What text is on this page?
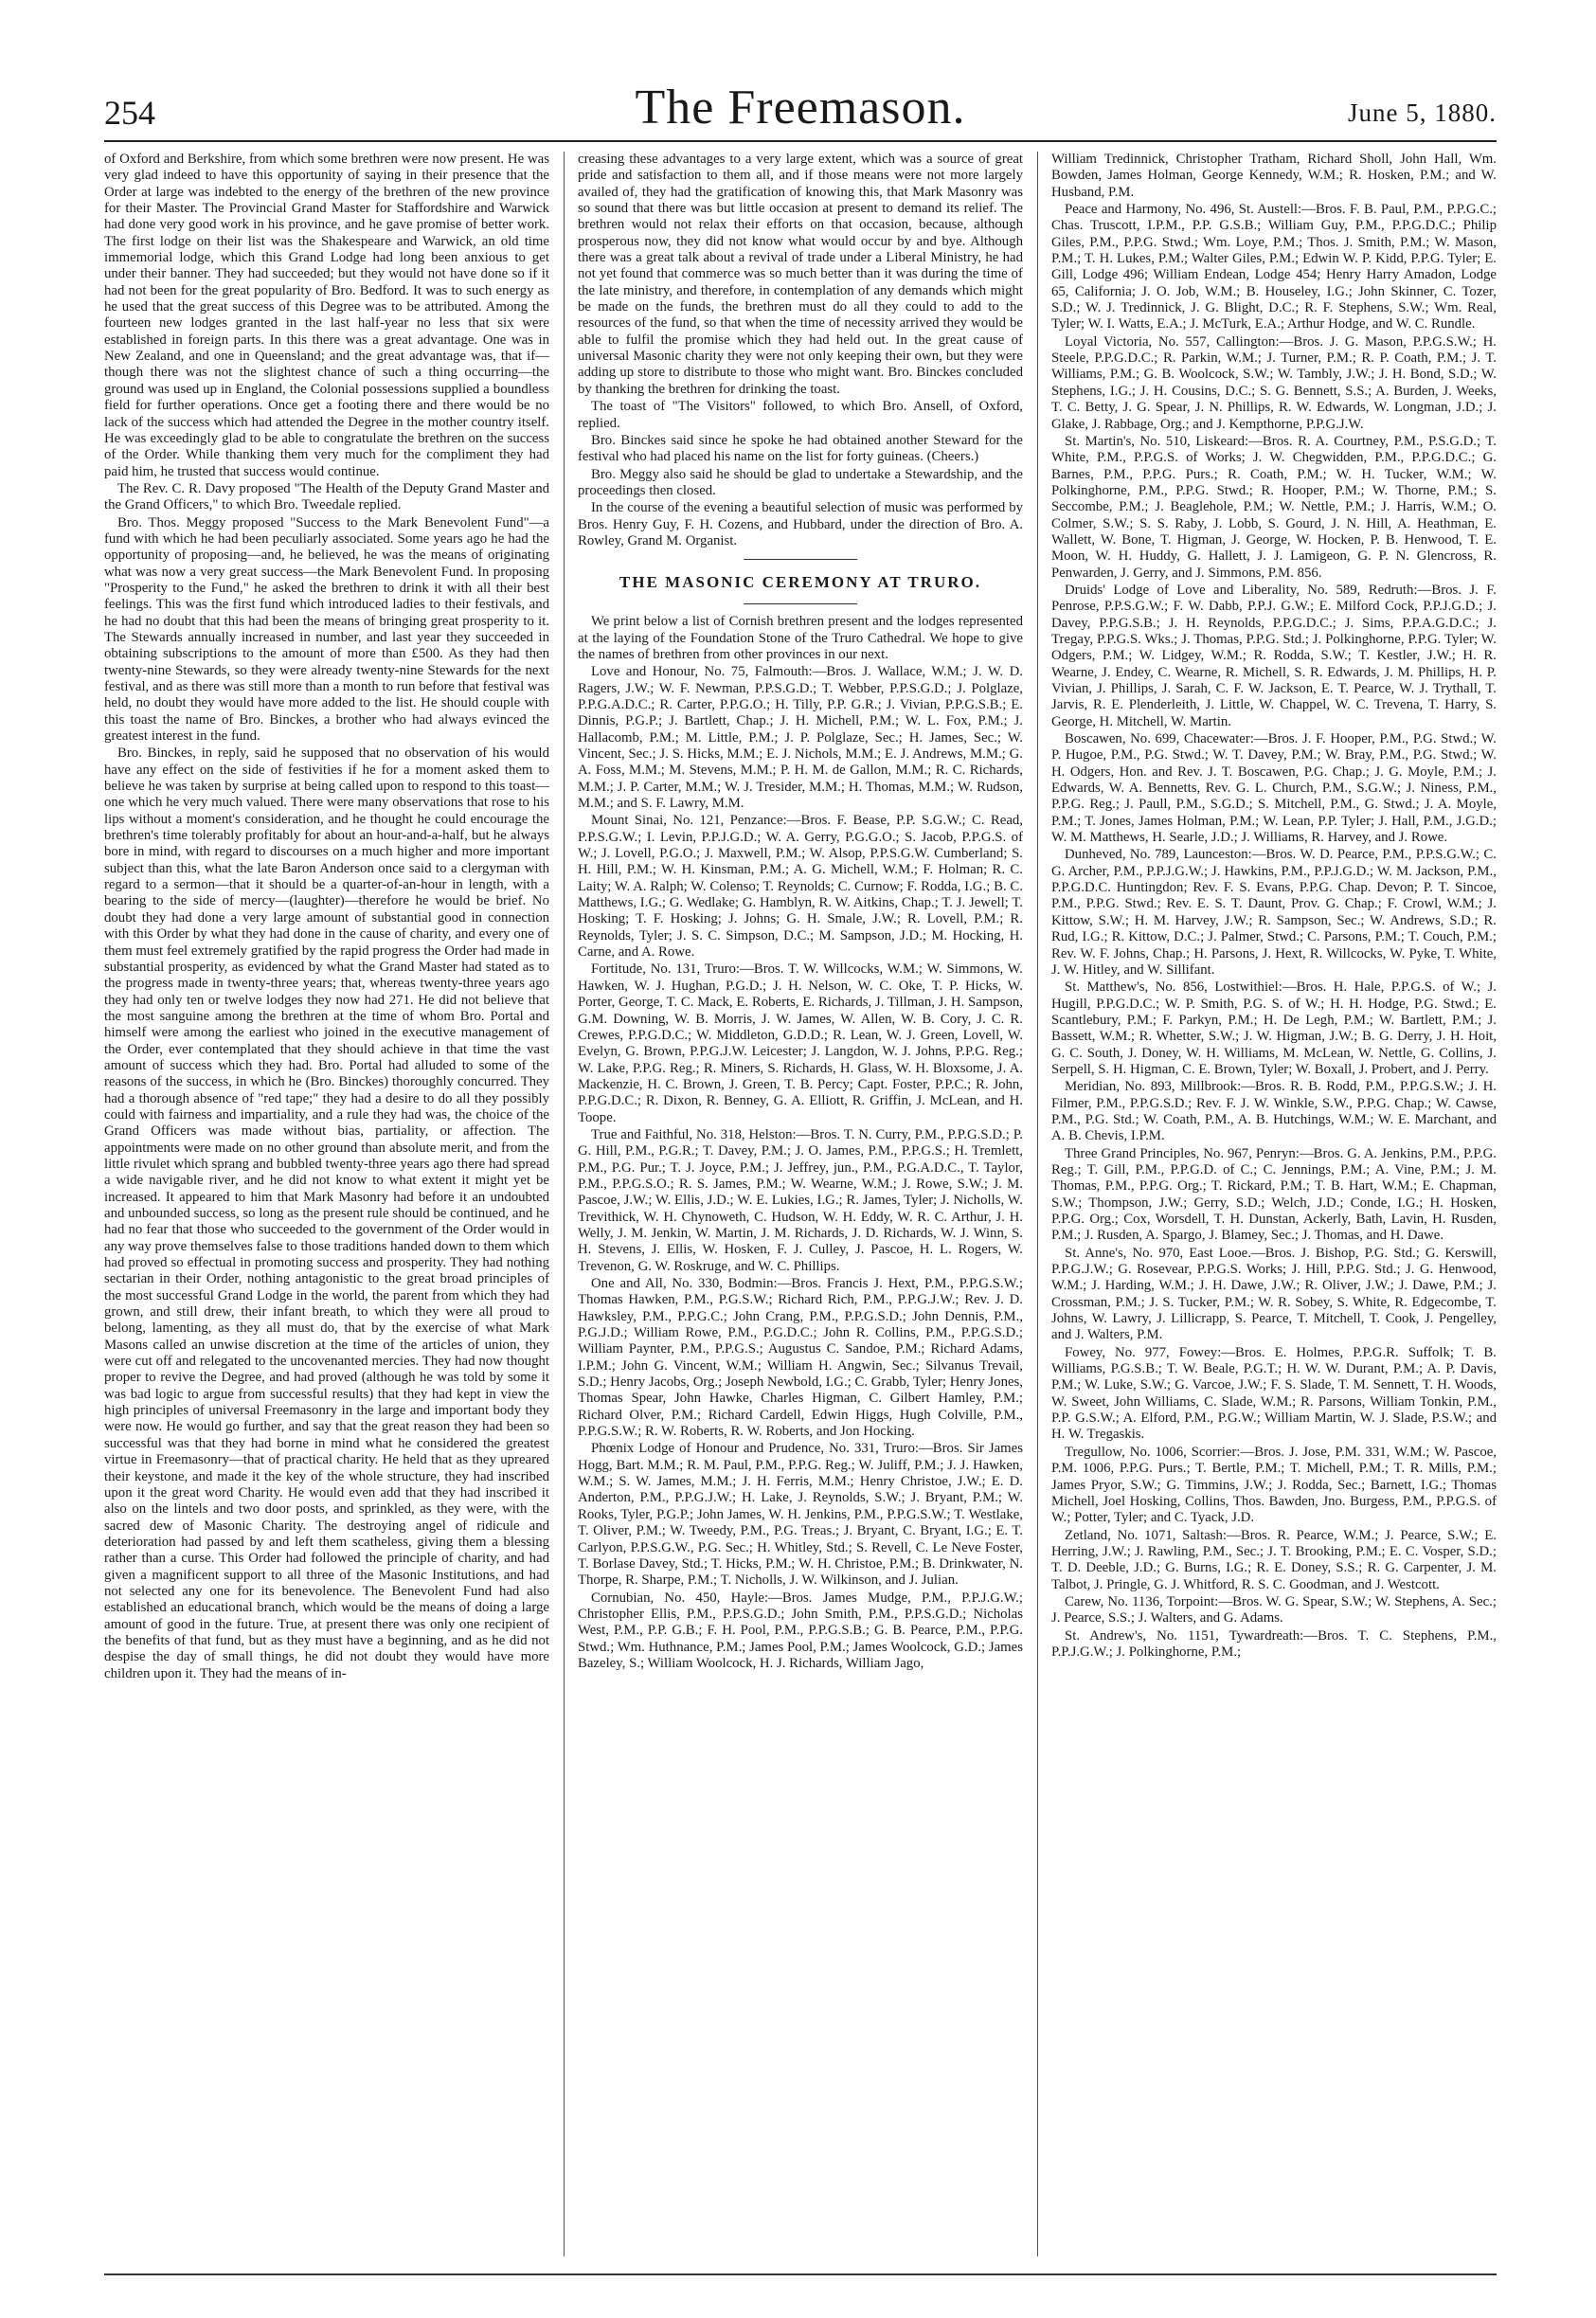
254	The Freemason.	June 5, 1880.

of Oxford and Berkshire, from which some brethren were now present. He was very glad indeed to have this opportunity of saying in their presence that the Order at large was indebted to the energy of the brethren of the new province for their Master. The Provincial Grand Master for Staffordshire and Warwick had done very good work in his province, and he gave promise of better work. The first lodge on their list was the Shakespeare and Warwick, an old time immemorial lodge, which this Grand Lodge had long been anxious to get under their banner. They had succeeded; but they would not have done so if it had not been for the great popularity of Bro. Bedford. It was to such energy as he used that the great success of this Degree was to be attributed. Among the fourteen new lodges granted in the last half-year no less that six were established in foreign parts. In this there was a great advantage. One was in New Zealand, and one in Queensland; and the great advantage was, that if—though there was not the slightest chance of such a thing occurring—the ground was used up in England, the Colonial possessions supplied a boundless field for further operations. Once get a footing there and there would be no lack of the success which had attended the Degree in the mother country itself. He was exceedingly glad to be able to congratulate the brethren on the success of the Order. While thanking them very much for the compliment they had paid him, he trusted that success would continue.

The Rev. C. R. Davy proposed "The Health of the Deputy Grand Master and the Grand Officers," to which Bro. Tweedale replied.

Bro. Thos. Meggy proposed "Success to the Mark Benevolent Fund"—a fund with which he had been peculiarly associated. Some years ago he had the opportunity of proposing—and, he believed, he was the means of originating what was now a very great success—the Mark Benevolent Fund. In proposing "Prosperity to the Fund," he asked the brethren to drink it with all their best feelings. This was the first fund which introduced ladies to their festivals, and he had no doubt that this had been the means of bringing great prosperity to it. The Stewards annually increased in number, and last year they succeeded in obtaining subscriptions to the amount of more than £500. As they had then twenty-nine Stewards, so they were already twenty-nine Stewards for the next festival, and as there was still more than a month to run before that festival was held, no doubt they would have more added to the list. He should couple with this toast the name of Bro. Binckes, a brother who had always evinced the greatest interest in the fund.

Bro. Binckes, in reply, said he supposed that no observation of his would have any effect on the side of festivities if he for a moment asked them to believe he was taken by surprise at being called upon to respond to this toast—one which he very much valued. There were many observations that rose to his lips without a moment's consideration, and he thought he could encourage the brethren's time tolerably profitably for about an hour-and-a-half, but he always bore in mind, with regard to discourses on a much higher and more important subject than this, what the late Baron Anderson once said to a clergyman with regard to a sermon—that it should be a quarter-of-an-hour in length, with a bearing to the side of mercy—(laughter)—therefore he would be brief. No doubt they had done a very large amount of substantial good in connection with this Order by what they had done in the cause of charity, and every one of them must feel extremely gratified by the rapid progress the Order had made in substantial prosperity, as evidenced by what the Grand Master had stated as to the progress made in twenty-three years; that, whereas twenty-three years ago they had only ten or twelve lodges they now had 271. He did not believe that the most sanguine among the brethren at the time of whom Bro. Portal and himself were among the earliest who joined in the executive management of the Order, ever contemplated that they should achieve in that time the vast amount of success which they had. Bro. Portal had alluded to some of the reasons of the success, in which he (Bro. Binckes) thoroughly concurred. They had a thorough absence of "red tape;" they had a desire to do all they possibly could with fairness and impartiality, and a rule they had was, the choice of the Grand Officers was made without bias, partiality, or affection. The appointments were made on no other ground than absolute merit, and from the little rivulet which sprang and bubbled twenty-three years ago there had spread a wide navigable river, and he did not know to what extent it might yet be increased. It appeared to him that Mark Masonry had before it an undoubted and unbounded success, so long as the present rule should be continued, and he had no fear that those who succeeded to the government of the Order would in any way prove themselves false to those traditions handed down to them which had proved so effectual in promoting success and prosperity. They had nothing sectarian in their Order, nothing antagonistic to the great broad principles of the most successful Grand Lodge in the world, the parent from which they had grown, and still drew, their infant breath, to which they were all proud to belong, lamenting, as they all must do, that by the exercise of what Mark Masons called an unwise discretion at the time of the articles of union, they were cut off and relegated to the uncovenanted mercies. They had now thought proper to revive the Degree, and had proved (although he was told by some it was bad logic to argue from successful results) that they had kept in view the high principles of universal Freemasonry in the large and important body they were now. He would go further, and say that the great reason they had been so successful was that they had borne in mind what he considered the greatest virtue in Freemasonry—that of practical charity. He held that as they upreared their keystone, and made it the key of the whole structure, they had inscribed upon it the great word Charity. He would even add that they had inscribed it also on the lintels and two door posts, and sprinkled, as they were, with the sacred dew of Masonic Charity. The destroying angel of ridicule and deterioration had passed by and left them scatheless, giving them a blessing rather than a curse. This Order had followed the principle of charity, and had given a magnificent support to all three of the Masonic Institutions, and had not selected any one for its benevolence. The Benevolent Fund had also established an educational branch, which would be the means of doing a large amount of good in the future. True, at present there was only one recipient of the benefits of that fund, but as they must have a beginning, and as he did not despise the day of small things, he did not doubt they would have more children upon it. They had the means of in-

creasing these advantages to a very large extent, which was a source of great pride and satisfaction to them all, and if those means were not more largely availed of, they had the gratification of knowing this, that Mark Masonry was so sound that there was but little occasion at present to demand its relief. The brethren would not relax their efforts on that occasion, because, although prosperous now, they did not know what would occur by and bye. Although there was a great talk about a revival of trade under a Liberal Ministry, he had not yet found that commerce was so much better than it was during the time of the late ministry, and therefore, in contemplation of any demands which might be made on the funds, the brethren must do all they could to add to the resources of the fund, so that when the time of necessity arrived they would be able to fulfil the promise which they had held out. In the great cause of universal Masonic charity they were not only keeping their own, but they were adding up store to distribute to those who might want. Bro. Binckes concluded by thanking the brethren for drinking the toast.

The toast of "The Visitors" followed, to which Bro. Ansell, of Oxford, replied.

Bro. Binckes said since he spoke he had obtained another Steward for the festival who had placed his name on the list for forty guineas. (Cheers.)

Bro. Meggy also said he should be glad to undertake a Stewardship, and the proceedings then closed.

In the course of the evening a beautiful selection of music was performed by Bros. Henry Guy, F. H. Cozens, and Hubbard, under the direction of Bro. A. Rowley, Grand M. Organist.

THE MASONIC CEREMONY AT TRURO.

We print below a list of Cornish brethren present and the lodges represented at the laying of the Foundation Stone of the Truro Cathedral. We hope to give the names of brethren from other provinces in our next.

Love and Honour, No. 75, Falmouth:—Bros. J. Wallace, W.M.; J. W. D. Ragers, J.W.; W. F. Newman, P.P.S.G.D.; T. Webber, P.P.S.G.D.; J. Polglaze, P.P.G.A.D.C.; R. Carter, P.P.G.O.; H. Tilly, P.P. G.R.; J. Vivian, P.P.G.S.B.; E. Dinnis, P.G.P.; J. Bartlett, Chap.; J. H. Michell, P.M.; W. L. Fox, P.M.; J. Hallacomb, P.M.; M. Little, P.M.; J. P. Polglaze, Sec.; H. James, Sec.; W. Vincent, Sec.; J. S. Hicks, M.M.; E. J. Nichols, M.M.; E. J. Andrews, M.M.; G. A. Foss, M.M.; M. Stevens, M.M.; P. H. M. de Gallon, M.M.; R. C. Richards, M.M.; J. P. Carter, M.M.; W. J. Tresider, M.M.; H. Thomas, M.M.; W. Rudson, M.M.; and S. F. Lawry, M.M.

Mount Sinai, No. 121, Penzance:—Bros. F. Bease, P.P. S.G.W.; C. Read, P.P.S.G.W.; I. Levin, P.P.J.G.D.; W. A. Gerry, P.G.G.O.; S. Jacob, P.P.G.S. of W.; J. Lovell, P.G.O.; J. Maxwell, P.M.; W. Alsop, P.P.S.G.W. Cumberland; S. H. Hill, P.M.; W. H. Kinsman, P.M.; A. G. Michell, W.M.; F. Holman; R. C. Laity; W. A. Ralph; W. Colenso; T. Reynolds; C. Curnow; F. Rodda, I.G.; B. C. Matthews, I.G.; G. Wedlake; G. Hamblyn, R. W. Aitkins, Chap.; T. J. Jewell; T. Hosking; T. F. Hosking; J. Johns; G. H. Smale, J.W.; R. Lovell, P.M.; R. Reynolds, Tyler; J. S. C. Simpson, D.C.; M. Sampson, J.D.; M. Hocking, H. Carne, and A. Rowe.

Fortitude, No. 131, Truro:—Bros. T. W. Willcocks, W.M.; W. Simmons, W. Hawken, W. J. Hughan, P.G.D.; J. H. Nelson, W. C. Oke, T. P. Hicks, W. Porter, George, T. C. Mack, E. Roberts, E. Richards, J. Tillman, J. H. Sampson, G.M. Downing, W. B. Morris, J. W. James, W. Allen, W. B. Cory, J. C. R. Crewes, P.P.G.D.C.; W. Middleton, G.D.D.; R. Lean, W. J. Green, Lovell, W. Evelyn, G. Brown, P.P.G.J.W. Leicester; J. Langdon, W. J. Johns, P.P.G. Reg.; W. Lake, P.P.G. Reg.; R. Miners, S. Richards, H. Glass, W. H. Bloxsome, J. A. Mackenzie, H. C. Brown, J. Green, T. B. Percy; Capt. Foster, P.P.C.; R. John, P.P.G.D.C.; R. Dixon, R. Benney, G. A. Elliott, R. Griffin, J. McLean, and H. Toope.

True and Faithful, No. 318, Helston:—Bros. T. N. Curry, P.M., P.P.G.S.D.; P. G. Hill, P.M., P.G.R.; T. Davey, P.M.; J. O. James, P.M., P.P.G.S.; H. Tremlett, P.M., P.G. Pur.; T. J. Joyce, P.M.; J. Jeffrey, jun., P.M., P.G.A.D.C., T. Taylor, P.M., P.P.G.S.O.; R. S. James, P.M.; W. Wearne, W.M.; J. Rowe, S.W.; J. M. Pascoe, J.W.; W. Ellis, J.D.; W. E. Lukies, I.G.; R. James, Tyler; J. Nicholls, W. Trevithick, W. H. Chynoweth, C. Hudson, W. H. Eddy, W. R. C. Arthur, J. H. Welly, J. M. Jenkin, W. Martin, J. M. Richards, J. D. Richards, W. J. Winn, S. H. Stevens, J. Ellis, W. Hosken, F. J. Culley, J. Pascoe, H. L. Rogers, W. Trevenon, G. W. Roskruge, and W. C. Phillips.

One and All, No. 330, Bodmin:—Bros. Francis J. Hext, P.M., P.P.G.S.W.; Thomas Hawken, P.M., P.G.S.W.; Richard Rich, P.M., P.P.G.J.W.; Rev. J. D. Hawksley, P.M., P.P.G.C.; John Crang, P.M., P.P.G.S.D.; John Dennis, P.M., P.G.J.D.; William Rowe, P.M., P.G.D.C.; John R. Collins, P.M., P.P.G.S.D.; William Paynter, P.M., P.P.G.S.; Augustus C. Sandoe, P.M.; Richard Adams, I.P.M.; John G. Vincent, W.M.; William H. Angwin, Sec.; Silvanus Trevail, S.D.; Henry Jacobs, Org.; Joseph Newbold, I.G.; C. Grabb, Tyler; Henry Jones, Thomas Spear, John Hawke, Charles Higman, C. Gilbert Hamley, P.M.; Richard Olver, P.M.; Richard Cardell, Edwin Higgs, Hugh Colville, P.M., P.P.G.S.W.; R. W. Roberts, R. W. Roberts, and Jon Hocking.

Phœnix Lodge of Honour and Prudence, No. 331, Truro:—Bros. Sir James Hogg, Bart. M.M.; R. M. Paul, P.M., P.P.G. Reg.; W. Juliff, P.M.; J. J. Hawken, W.M.; S. W. James, M.M.; J. H. Ferris, M.M.; Henry Christoe, J.W.; E. D. Anderton, P.M., P.P.G.J.W.; H. Lake, J. Reynolds, S.W.; J. Bryant, P.M.; W. Rooks, Tyler, P.G.P.; John James, W. H. Jenkins, P.M., P.P.G.S.W.; T. Westlake, T. Oliver, P.M.; W. Tweedy, P.M., P.G. Treas.; J. Bryant, C. Bryant, I.G.; E. T. Carlyon, P.P.S.G.W., P.G. Sec.; H. Whitley, Std.; S. Revell, C. Le Neve Foster, T. Borlase Davey, Std.; T. Hicks, P.M.; W. H. Christoe, P.M.; B. Drinkwater, N. Thorpe, R. Sharpe, P.M.; T. Nicholls, J. W. Wilkinson, and J. Julian.

Cornubian, No. 450, Hayle:—Bros. James Mudge, P.M., P.P.J.G.W.; Christopher Ellis, P.M., P.P.S.G.D.; John Smith, P.M., P.P.S.G.D.; Nicholas West, P.M., P.P. G.B.; F. H. Pool, P.M., P.P.G.S.B.; G. B. Pearce, P.M., P.P.G. Stwd.; Wm. Huthnance, P.M.; James Pool, P.M.; James Woolcock, G.D.; James Bazeley, S.; William Woolcock, H. J. Richards, William Jago,

William Tredinnick, Christopher Tratham, Richard Sholl, John Hall, Wm. Bowden, James Holman, George Kennedy, W.M.; R. Hosken, P.M.; and W. Husband, P.M.

Peace and Harmony, No. 496, St. Austell:—Bros. F. B. Paul, P.M., P.P.G.C.; Chas. Truscott, I.P.M., P.P. G.S.B.; William Guy, P.M., P.P.G.D.C.; Philip Giles, P.M., P.P.G. Stwd.; Wm. Loye, P.M.; Thos. J. Smith, P.M.; W. Mason, P.M.; T. H. Lukes, P.M.; Walter Giles, P.M.; Edwin W. P. Kidd, P.P.G. Tyler; E. Gill, Lodge 496; William Endean, Lodge 454; Henry Harry Amadon, Lodge 65, California; J. O. Job, W.M.; B. Houseley, I.G.; John Skinner, C. Tozer, S.D.; W. J. Tredinnick, J. G. Blight, D.C.; R. F. Stephens, S.W.; Wm. Real, Tyler; W. I. Watts, E.A.; J. McTurk, E.A.; Arthur Hodge, and W. C. Rundle.

Loyal Victoria, No. 557, Callington:—Bros. J. G. Mason, P.P.G.S.W.; H. Steele, P.P.G.D.C.; R. Parkin, W.M.; J. Turner, P.M.; R. P. Coath, P.M.; J. T. Williams, P.M.; G. B. Woolcock, S.W.; W. Tambly, J.W.; J. H. Bond, S.D.; W. Stephens, I.G.; J. H. Cousins, D.C.; S. G. Bennett, S.S.; A. Burden, J. Weeks, T. C. Betty, J. G. Spear, J. N. Phillips, R. W. Edwards, W. Longman, J.D.; J. Glake, J. Rabbage, Org.; and J. Kempthorne, P.P.G.J.W.

St. Martin's, No. 510, Liskeard:—Bros. R. A. Courtney, P.M., P.S.G.D.; T. White, P.M., P.P.G.S. of Works; J. W. Chegwidden, P.M., P.P.G.D.C.; G. Barnes, P.M., P.P.G. Purs.; R. Coath, P.M.; W. H. Tucker, W.M.; W. Polkinghorne, P.M., P.P.G. Stwd.; R. Hooper, P.M.; W. Thorne, P.M.; S. Seccombe, P.M.; J. Beaglehole, P.M.; W. Nettle, P.M.; J. Harris, W.M.; O. Colmer, S.W.; S. S. Raby, J. Lobb, S. Gourd, J. N. Hill, A. Heathman, E. Wallett, W. Bone, T. Higman, J. George, W. Hocken, P. B. Henwood, T. E. Moon, W. H. Huddy, G. Hallett, J. J. Lamigeon, G. P. N. Glencross, R. Penwarden, J. Gerry, and J. Simmons, P.M. 856.

Druids' Lodge of Love and Liberality, No. 589, Redruth:—Bros. J. F. Penrose, P.P.S.G.W.; F. W. Dabb, P.P.J. G.W.; E. Milford Cock, P.P.J.G.D.; J. Davey, P.P.G.S.B.; J. H. Reynolds, P.P.G.D.C.; J. Sims, P.P.A.G.D.C.; J. Tregay, P.P.G.S. Wks.; J. Thomas, P.P.G. Std.; J. Polkinghorne, P.P.G. Tyler; W. Odgers, P.M.; W. Lidgey, W.M.; R. Rodda, S.W.; T. Kestler, J.W.; H. R. Wearne, J. Endey, C. Wearne, R. Michell, S. R. Edwards, J. M. Phillips, H. P. Vivian, J. Phillips, J. Sarah, C. F. W. Jackson, E. T. Pearce, W. J. Trythall, T. Jarvis, R. E. Plenderleith, J. Little, W. Chappel, W. C. Trevena, T. Harry, S. George, H. Mitchell, W. Martin.

Boscawen, No. 699, Chacewater:—Bros. J. F. Hooper, P.M., P.G. Stwd.; W. P. Hugoe, P.M., P.G. Stwd.; W. T. Davey, P.M.; W. Bray, P.M., P.G. Stwd.; W. H. Odgers, Hon. and Rev. J. T. Boscawen, P.G. Chap.; J. G. Moyle, P.M.; J. Edwards, W. A. Bennetts, Rev. G. L. Church, P.M., S.G.W.; J. Niness, P.M., P.P.G. Reg.; J. Paull, P.M., S.G.D.; S. Mitchell, P.M., G. Stwd.; J. A. Moyle, P.M.; T. Jones, James Holman, P.M.; W. Lean, P.P. Tyler; J. Hall, P.M., J.G.D.; W. M. Matthews, H. Searle, J.D.; J. Williams, R. Harvey, and J. Rowe.

Dunheved, No. 789, Launceston:—Bros. W. D. Pearce, P.M., P.P.S.G.W.; C. G. Archer, P.M., P.P.J.G.W.; J. Hawkins, P.M., P.P.J.G.D.; W. M. Jackson, P.M., P.P.G.D.C. Huntingdon; Rev. F. S. Evans, P.P.G. Chap. Devon; P. T. Sincoe, P.M., P.P.G. Stwd.; Rev. E. S. T. Daunt, Prov. G. Chap.; F. Crowl, W.M.; J. Kittow, S.W.; H. M. Harvey, J.W.; R. Sampson, Sec.; W. Andrews, S.D.; R. Rud, I.G.; R. Kittow, D.C.; J. Palmer, Stwd.; C. Parsons, P.M.; T. Couch, P.M.; Rev. W. F. Johns, Chap.; H. Parsons, J. Hext, R. Willcocks, W. Pyke, T. White, J. W. Hitley, and W. Sillifant.

St. Matthew's, No. 856, Lostwithiel:—Bros. H. Hale, P.P.G.S. of W.; J. Hugill, P.P.G.D.C.; W. P. Smith, P.G. S. of W.; H. H. Hodge, P.G. Stwd.; E. Scantlebury, P.M.; F. Parkyn, P.M.; H. De Legh, P.M.; W. Bartlett, P.M.; J. Bassett, W.M.; R. Whetter, S.W.; J. W. Higman, J.W.; B. G. Derry, J. H. Hoit, G. C. South, J. Doney, W. H. Williams, M. McLean, W. Nettle, G. Collins, J. Serpell, S. H. Higman, C. E. Brown, Tyler; W. Boxall, J. Probert, and J. Perry.

Meridian, No. 893, Millbrook:—Bros. R. B. Rodd, P.M., P.P.G.S.W.; J. H. Filmer, P.M., P.P.G.S.D.; Rev. F. J. W. Winkle, S.W., P.P.G. Chap.; W. Cawse, P.M., P.G. Std.; W. Coath, P.M., A. B. Hutchings, W.M.; W. E. Marchant, and A. B. Chevis, I.P.M.

Three Grand Principles, No. 967, Penryn:—Bros. G. A. Jenkins, P.M., P.P.G. Reg.; T. Gill, P.M., P.P.G.D. of C.; C. Jennings, P.M.; A. Vine, P.M.; J. M. Thomas, P.M., P.P.G. Org.; T. Rickard, P.M.; T. B. Hart, W.M.; E. Chapman, S.W.; Thompson, J.W.; Gerry, S.D.; Welch, J.D.; Conde, I.G.; H. Hosken, P.P.G. Org.; Cox, Worsdell, T. H. Dunstan, Ackerly, Bath, Lavin, H. Rusden, P.M.; J. Rusden, A. Spargo, J. Blamey, Sec.; J. Thomas, and H. Dawe.

St. Anne's, No. 970, East Looe.—Bros. J. Bishop, P.G. Std.; G. Kerswill, P.P.G.J.W.; G. Rosevear, P.P.G.S. Works; J. Hill, P.P.G. Std.; J. G. Henwood, W.M.; J. Harding, W.M.; J. H. Dawe, J.W.; R. Oliver, J.W.; J. Dawe, P.M.; J. Crossman, P.M.; J. S. Tucker, P.M.; W. R. Sobey, S. White, R. Edgecombe, T. Johns, W. Lawry, J. Lillicrapp, S. Pearce, T. Mitchell, T. Cook, J. Pengelley, and J. Walters, P.M.

Fowey, No. 977, Fowey:—Bros. E. Holmes, P.P.G.R. Suffolk; T. B. Williams, P.G.S.B.; T. W. Beale, P.G.T.; H. W. W. Durant, P.M.; A. P. Davis, P.M.; W. Luke, S.W.; G. Varcoe, J.W.; F. S. Slade, T. M. Sennett, T. H. Woods, W. Sweet, John Williams, C. Slade, W.M.; R. Parsons, William Tonkin, P.M., P.P. G.S.W.; A. Elford, P.M., P.G.W.; William Martin, W. J. Slade, P.S.W.; and H. W. Tregaskis.

Tregullow, No. 1006, Scorrier:—Bros. J. Jose, P.M. 331, W.M.; W. Pascoe, P.M. 1006, P.P.G. Purs.; T. Bertle, P.M.; T. Michell, P.M.; T. R. Mills, P.M.; James Pryor, S.W.; G. Timmins, J.W.; J. Rodda, Sec.; Barnett, I.G.; Thomas Michell, Joel Hosking, Collins, Thos. Bawden, Jno. Burgess, P.M., P.P.G.S. of W.; Potter, Tyler; and C. Tyack, J.D.

Zetland, No. 1071, Saltash:—Bros. R. Pearce, W.M.; J. Pearce, S.W.; E. Herring, J.W.; J. Rawling, P.M., Sec.; J. T. Brooking, P.M.; E. C. Vosper, S.D.; T. D. Deeble, J.D.; G. Burns, I.G.; R. E. Doney, S.S.; R. G. Carpenter, J. M. Talbot, J. Pringle, G. J. Whitford, R. S. C. Goodman, and J. Westcott.

Carew, No. 1136, Torpoint:—Bros. W. G. Spear, S.W.; W. Stephens, A. Sec.; J. Pearce, S.S.; J. Walters, and G. Adams.

St. Andrew's, No. 1151, Tywardreath:—Bros. T. C. Stephens, P.M., P.P.J.G.W.; J. Polkinghorne, P.M.;
